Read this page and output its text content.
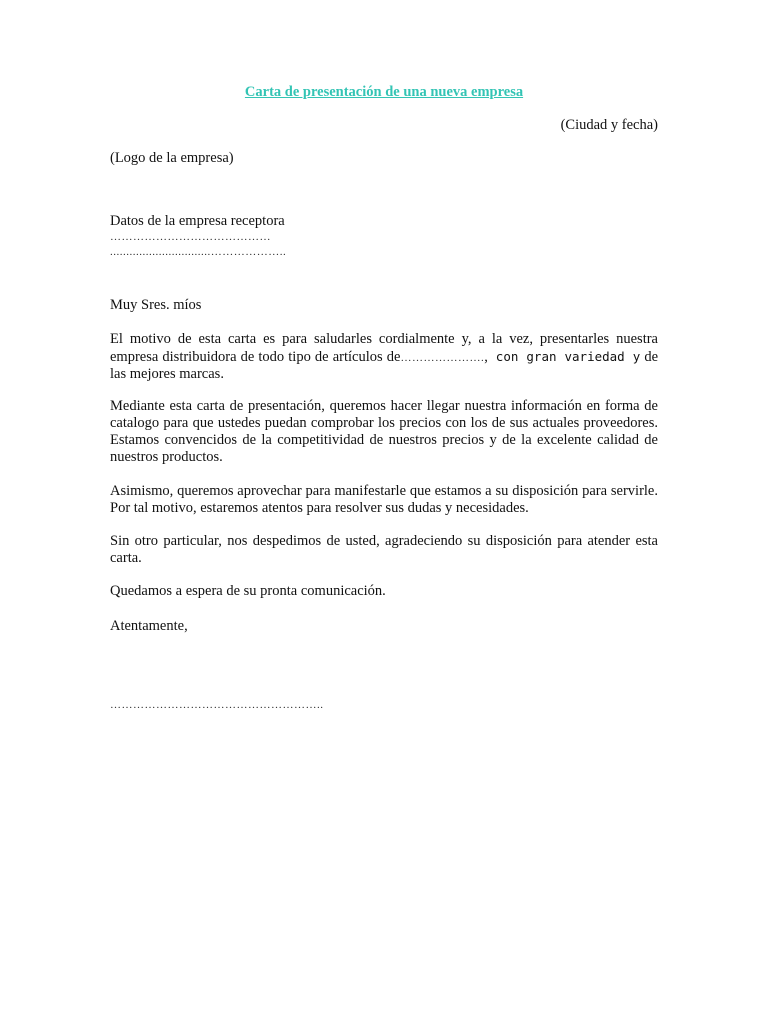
Carta de presentación de una nueva empresa
(Ciudad y fecha)
(Logo de la empresa)
Datos de la empresa receptora
……………………………………
...............................………………..

Muy Sres. míos

El motivo de esta carta es para saludarles cordialmente y, a la vez, presentarles nuestra empresa distribuidora de todo tipo de artículos de…………………., con gran variedad y de las mejores marcas.

Mediante esta carta de presentación, queremos hacer llegar nuestra información en forma de catalogo para que ustedes puedan comprobar los precios con los de sus actuales proveedores. Estamos convencidos de la competitividad de nuestros precios y de la excelente calidad de nuestros productos.

Asimismo, queremos aprovechar para manifestarle que estamos a su disposición para servirle. Por tal motivo, estaremos atentos para resolver sus dudas y necesidades.

Sin otro particular, nos despedimos de usted, agradeciendo su disposición para atender esta carta.

Quedamos a espera de su pronta comunicación.

Atentamente,

………………………………………………..
